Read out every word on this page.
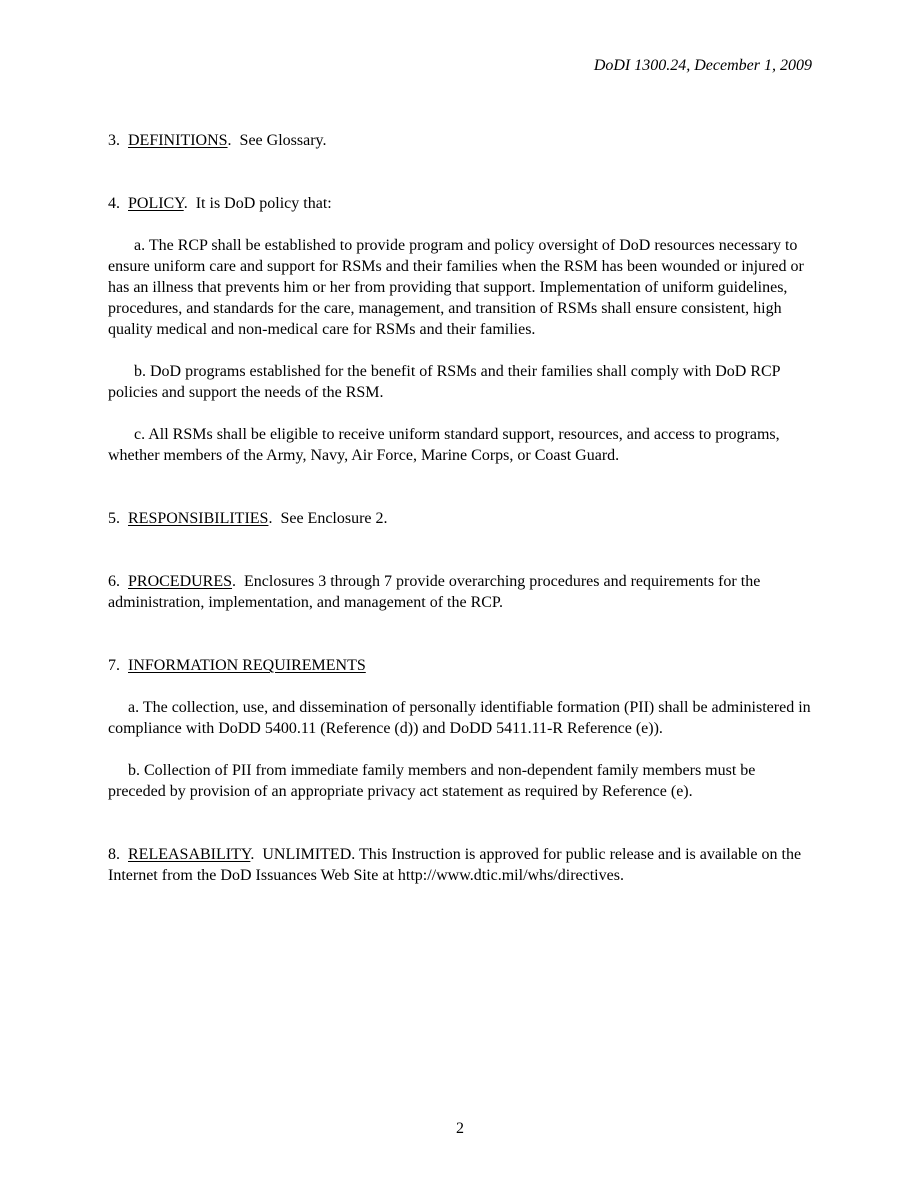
DoDI 1300.24, December 1, 2009

3. DEFINITIONS.  See Glossary.

4. POLICY.  It is DoD policy that:

a. The RCP shall be established to provide program and policy oversight of DoD resources necessary to ensure uniform care and support for RSMs and their families when the RSM has been wounded or injured or has an illness that prevents him or her from providing that support. Implementation of uniform guidelines, procedures, and standards for the care, management, and transition of RSMs shall ensure consistent, high quality medical and non-medical care for RSMs and their families.

b. DoD programs established for the benefit of RSMs and their families shall comply with DoD RCP policies and support the needs of the RSM.

c. All RSMs shall be eligible to receive uniform standard support, resources, and access to programs, whether members of the Army, Navy, Air Force, Marine Corps, or Coast Guard.

5. RESPONSIBILITIES.  See Enclosure 2.

6. PROCEDURES.  Enclosures 3 through 7 provide overarching procedures and requirements for the administration, implementation, and management of the RCP.

7. INFORMATION REQUIREMENTS

a. The collection, use, and dissemination of personally identifiable formation (PII) shall be administered in compliance with DoDD 5400.11 (Reference (d)) and DoDD 5411.11-R Reference (e)).

b. Collection of PII from immediate family members and non-dependent family members must be preceded by provision of an appropriate privacy act statement as required by Reference (e).

8. RELEASABILITY.  UNLIMITED. This Instruction is approved for public release and is available on the Internet from the DoD Issuances Web Site at http://www.dtic.mil/whs/directives.

2
